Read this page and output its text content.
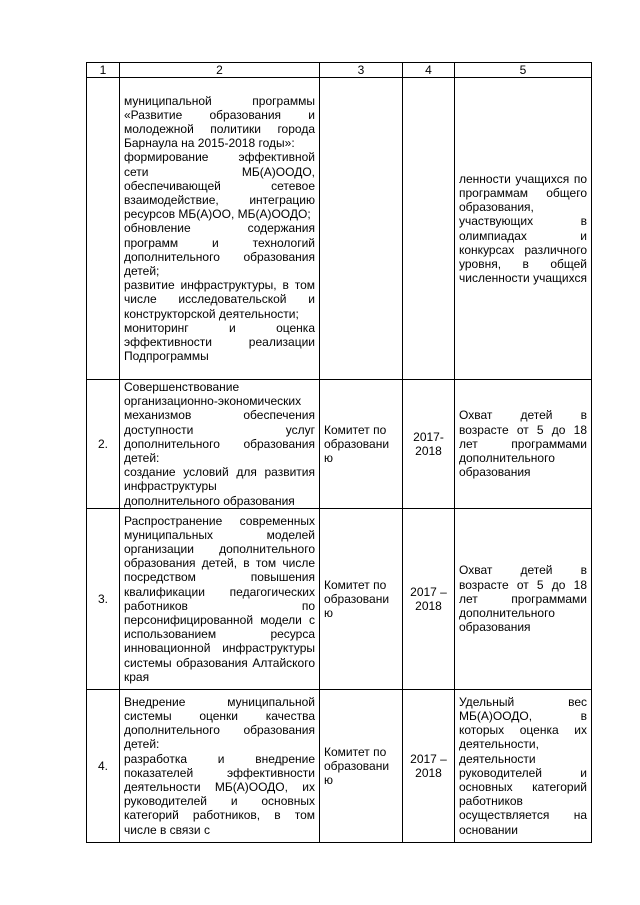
1	2	3	4	5

	муниципальной программы «Развитие образования и молодежной политики города Барнаула на 2015-2018 годы»:
формирование эффективной сети МБ(А)ООДО, обеспечивающей сетевое взаимодействие, интеграцию ресурсов МБ(А)ОО, МБ(А)ООДО;
обновление содержания программ и технологий дополнительного образования детей;
развитие инфраструктуры, в том числе исследовательской и конструкторской деятельности;
мониторинг и оценка эффективности реализации Подпрограммы			ленности учащихся по программам общего образования, участвующих в олимпиадах и конкурсах различного уровня, в общей численности учащихся

2.	Совершенствование организационно-экономических механизмов обеспечения доступности услуг дополнительного образования детей:
создание условий для развития инфраструктуры дополнительного образования	Комитет по образовани ю	2017-2018	Охват детей в возрасте от 5 до 18 лет программами дополнительного образования

3.	Распространение современных муниципальных моделей организации дополнительного образования детей, в том числе посредством повышения квалификации педагогических работников по персонифицированной модели с использованием ресурса инновационной инфраструктуры системы образования Алтайского края	Комитет по образовани ю	2017 – 2018	Охват детей в возрасте от 5 до 18 лет программами дополнительного образования

4.	Внедрение муниципальной системы оценки качества дополнительного образования детей:
разработка и внедрение показателей эффективности деятельности МБ(А)ООДО, их руководителей и основных категорий работников, в том числе в связи с	Комитет по образовани ю	2017 – 2018	Удельный вес МБ(А)ООДО, в которых оценка их деятельности, деятельности руководителей и основных категорий работников осуществляется на основании
